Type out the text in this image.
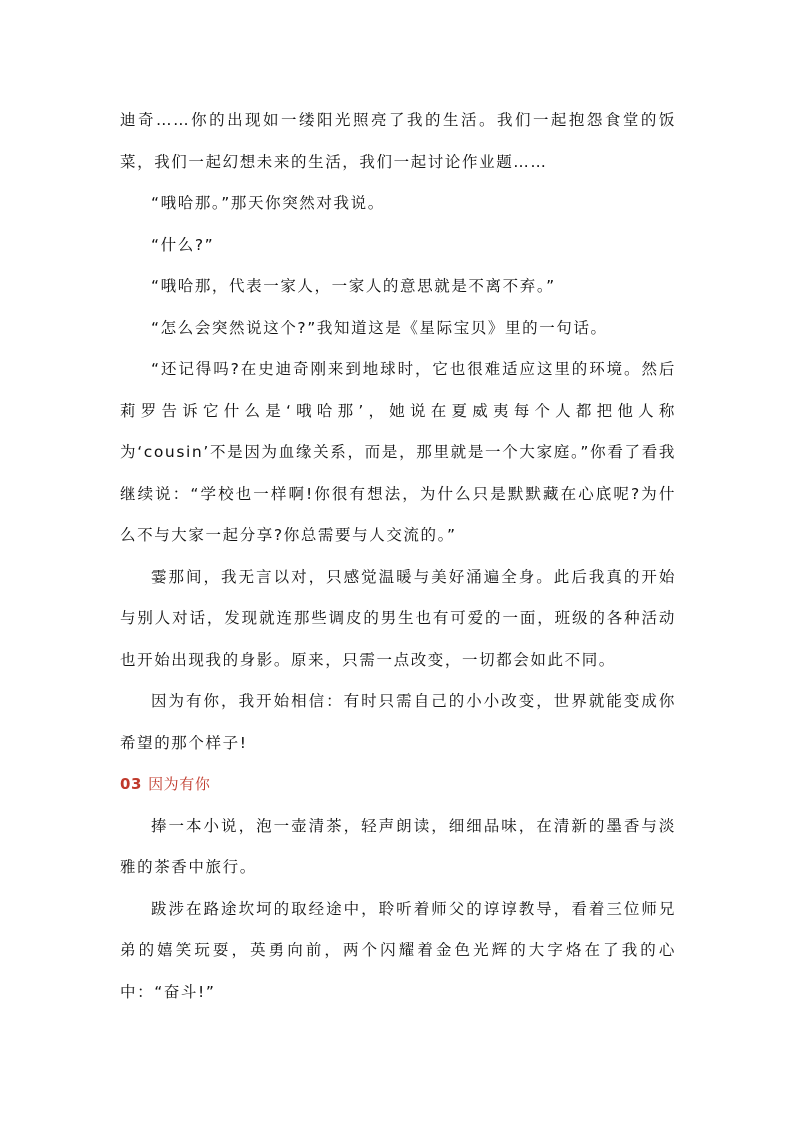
迪奇……你的出现如一缕阳光照亮了我的生活。我们一起抱怨食堂的饭菜，我们一起幻想未来的生活，我们一起讨论作业题……

“哦哈那。”那天你突然对我说。

“什么?”

“哦哈那，代表一家人，一家人的意思就是不离不弃。”

“怎么会突然说这个?”我知道这是《星际宝贝》里的一句话。

“还记得吗?在史迪奇刚来到地球时，它也很难适应这里的环境。然后莉罗告诉它什么是‘哦哈那’，她说在夏威夷每个人都把他人称为‘cousin’不是因为血缘关系，而是，那里就是一个大家庭。”你看了看我继续说：“学校也一样啊!你很有想法，为什么只是默默藏在心底呢?为什么不与大家一起分享?你总需要与人交流的。”

霎那间，我无言以对，只感觉温暖与美好涌遍全身。此后我真的开始与别人对话，发现就连那些调皮的男生也有可爱的一面，班级的各种活动也开始出现我的身影。原来，只需一点改变，一切都会如此不同。

因为有你，我开始相信：有时只需自己的小小改变，世界就能变成你希望的那个样子!

03 因为有你

捧一本小说，泡一壶清茶，轻声朗读，细细品味，在清新的墨香与淡雅的茶香中旅行。

跋涉在路途坎坷的取经途中，聆听着师父的谆谆教导，看着三位师兄弟的嬉笑玩耍，英勇向前，两个闪耀着金色光辉的大字烙在了我的心中：“奋斗!”
